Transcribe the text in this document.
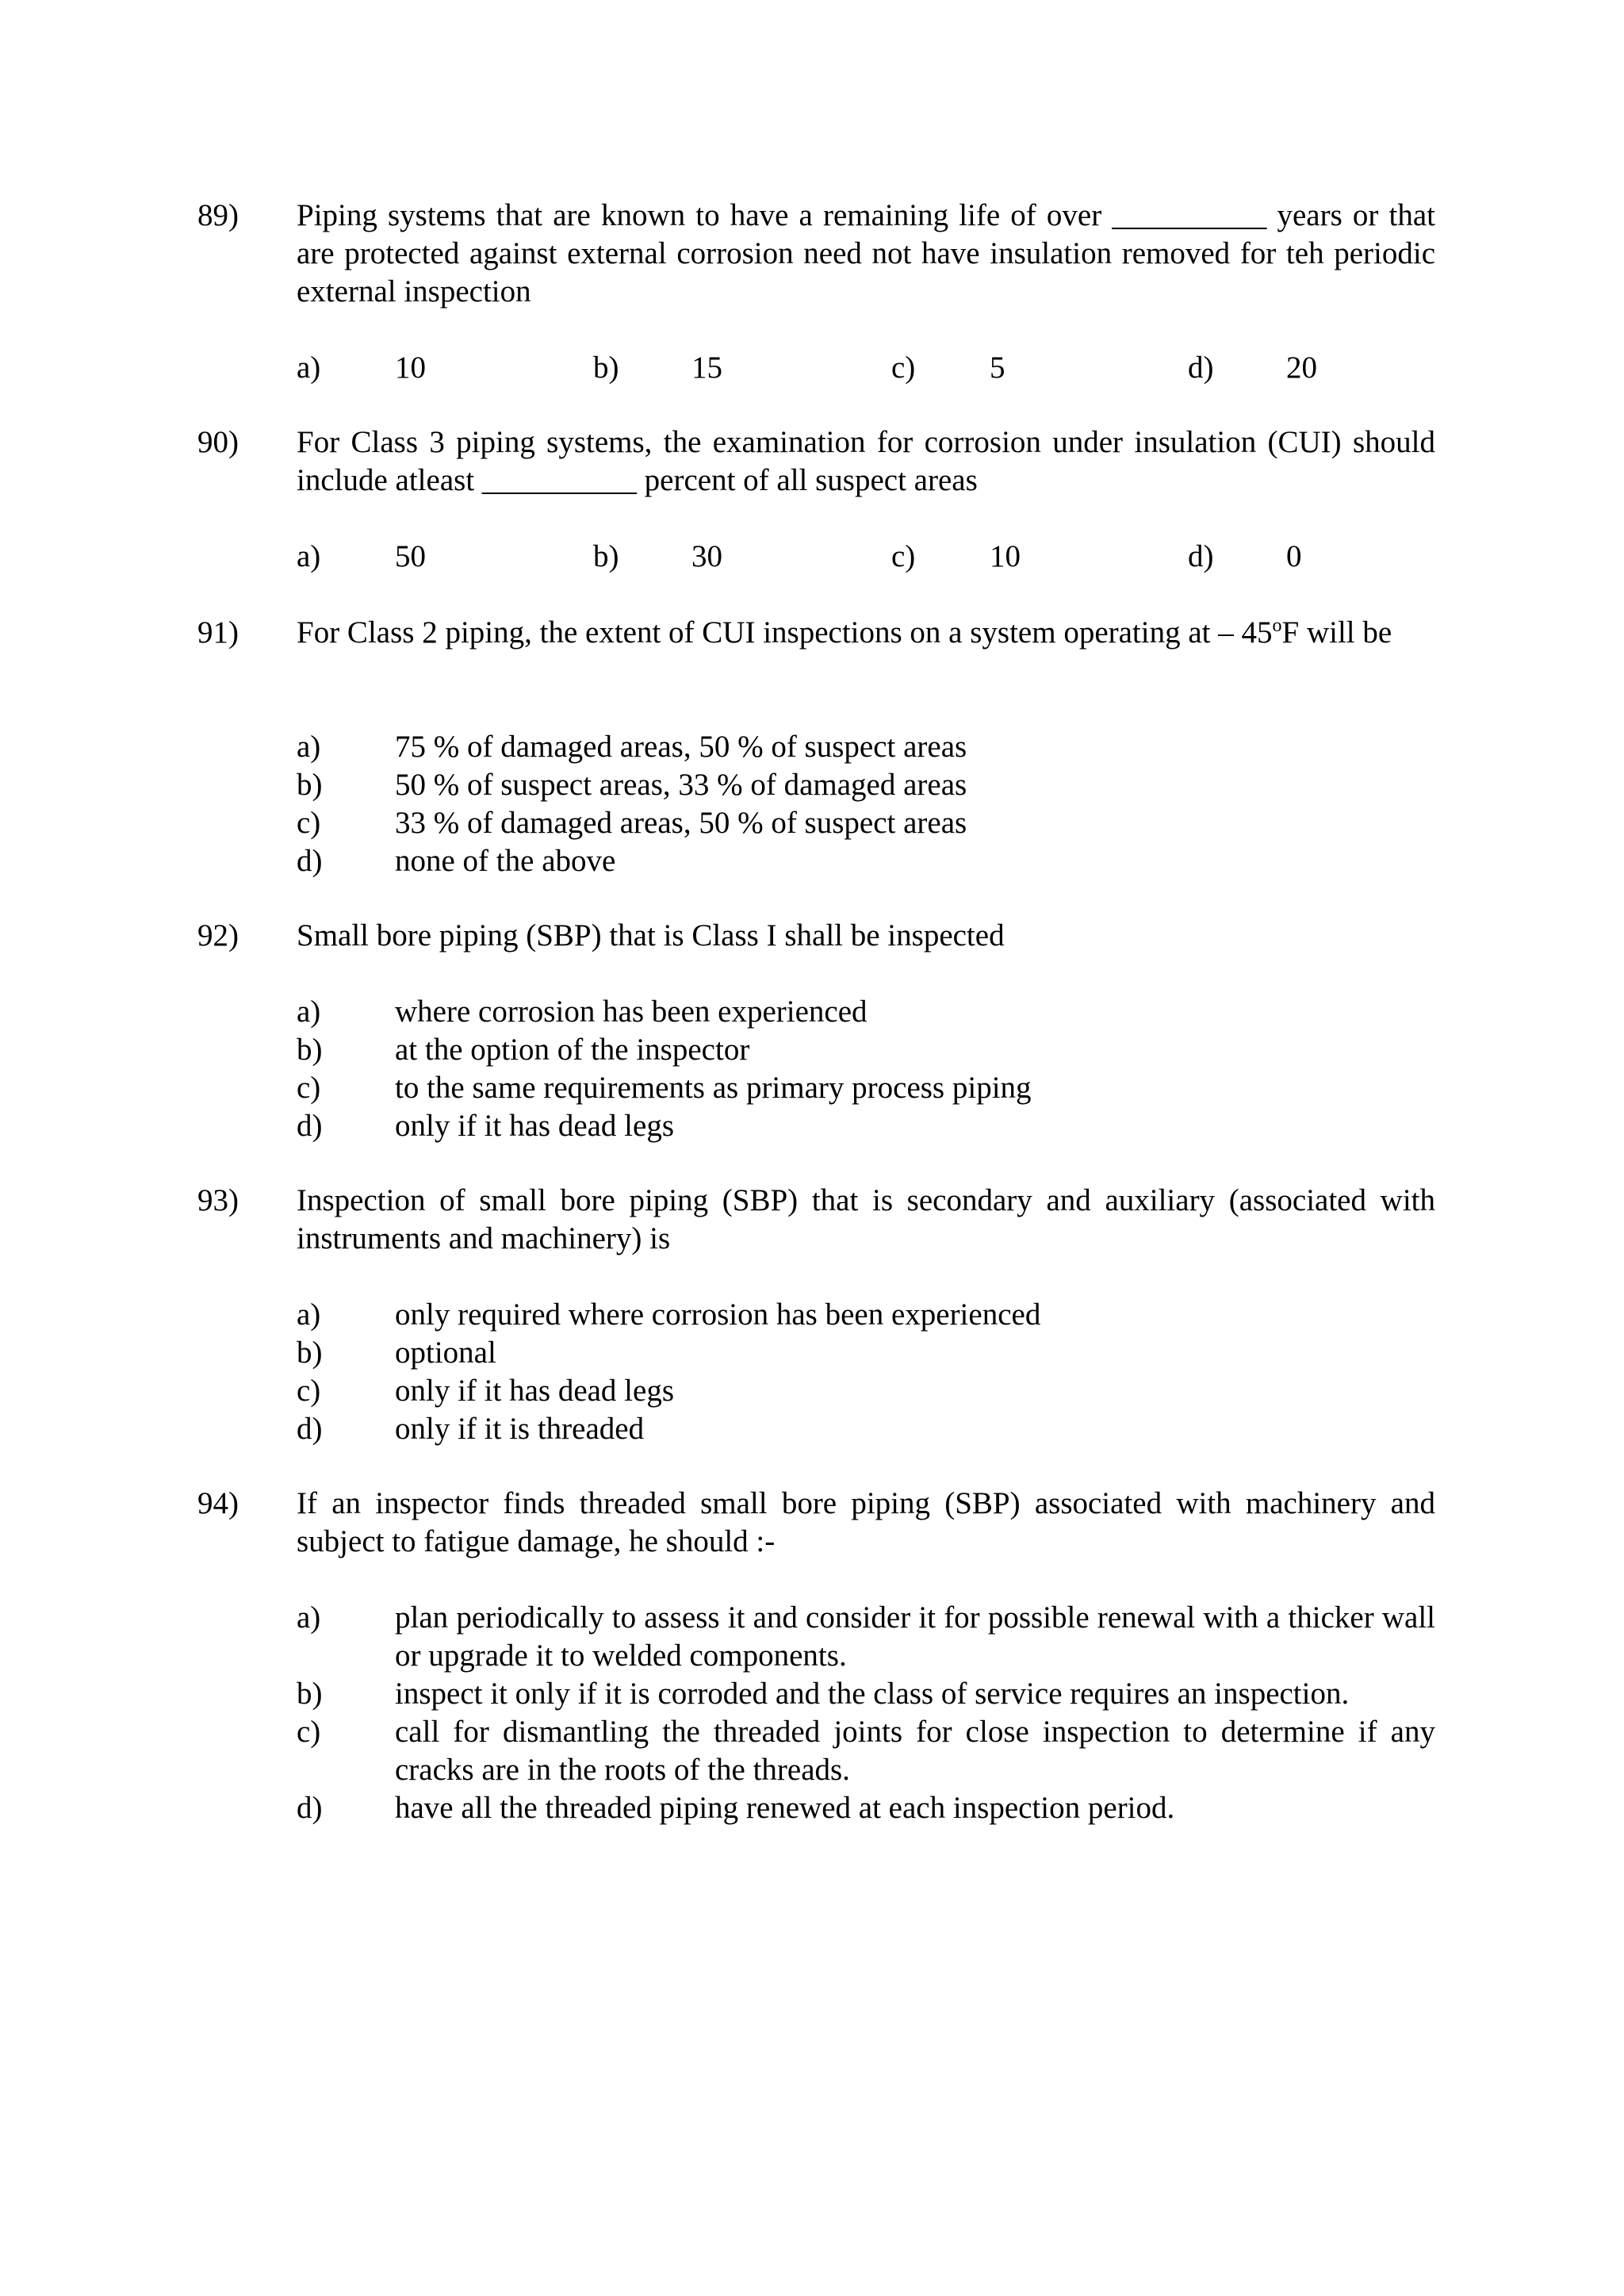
89)	Piping systems that are known to have a remaining life of over __________ years or that are protected against external corrosion need not have insulation removed for teh periodic external inspection
a) 10	b) 15	c) 5	d) 20
90)	For Class 3 piping systems, the examination for corrosion under insulation (CUI) should include atleast __________ percent of all suspect areas
a) 50	b) 30	c) 10	d) 0
91)	For Class 2 piping, the extent of CUI inspections on a system operating at – 45$^o$F will be
a) 75 % of damaged areas, 50 % of suspect areas
b) 50 % of suspect areas, 33 % of damaged areas
c) 33 % of damaged areas, 50 % of suspect areas
d) none of the above
92)	Small bore piping (SBP) that is Class I shall be inspected
a) where corrosion has been experienced
b) at the option of the inspector
c) to the same requirements as primary process piping
d) only if it has dead legs
93)	Inspection of small bore piping (SBP) that is secondary and auxiliary (associated with instruments and machinery) is
a) only required where corrosion has been experienced
b) optional
c) only if it has dead legs
d) only if it is threaded
94)	If an inspector finds threaded small bore piping (SBP) associated with machinery and subject to fatigue damage, he should :-
a) plan periodically to assess it and consider it for possible renewal with a thicker wall or upgrade it to welded components.
b) inspect it only if it is corroded and the class of service requires an inspection.
c) call for dismantling the threaded joints for close inspection to determine if any cracks are in the roots of the threads.
d) have all the threaded piping renewed at each inspection period.
